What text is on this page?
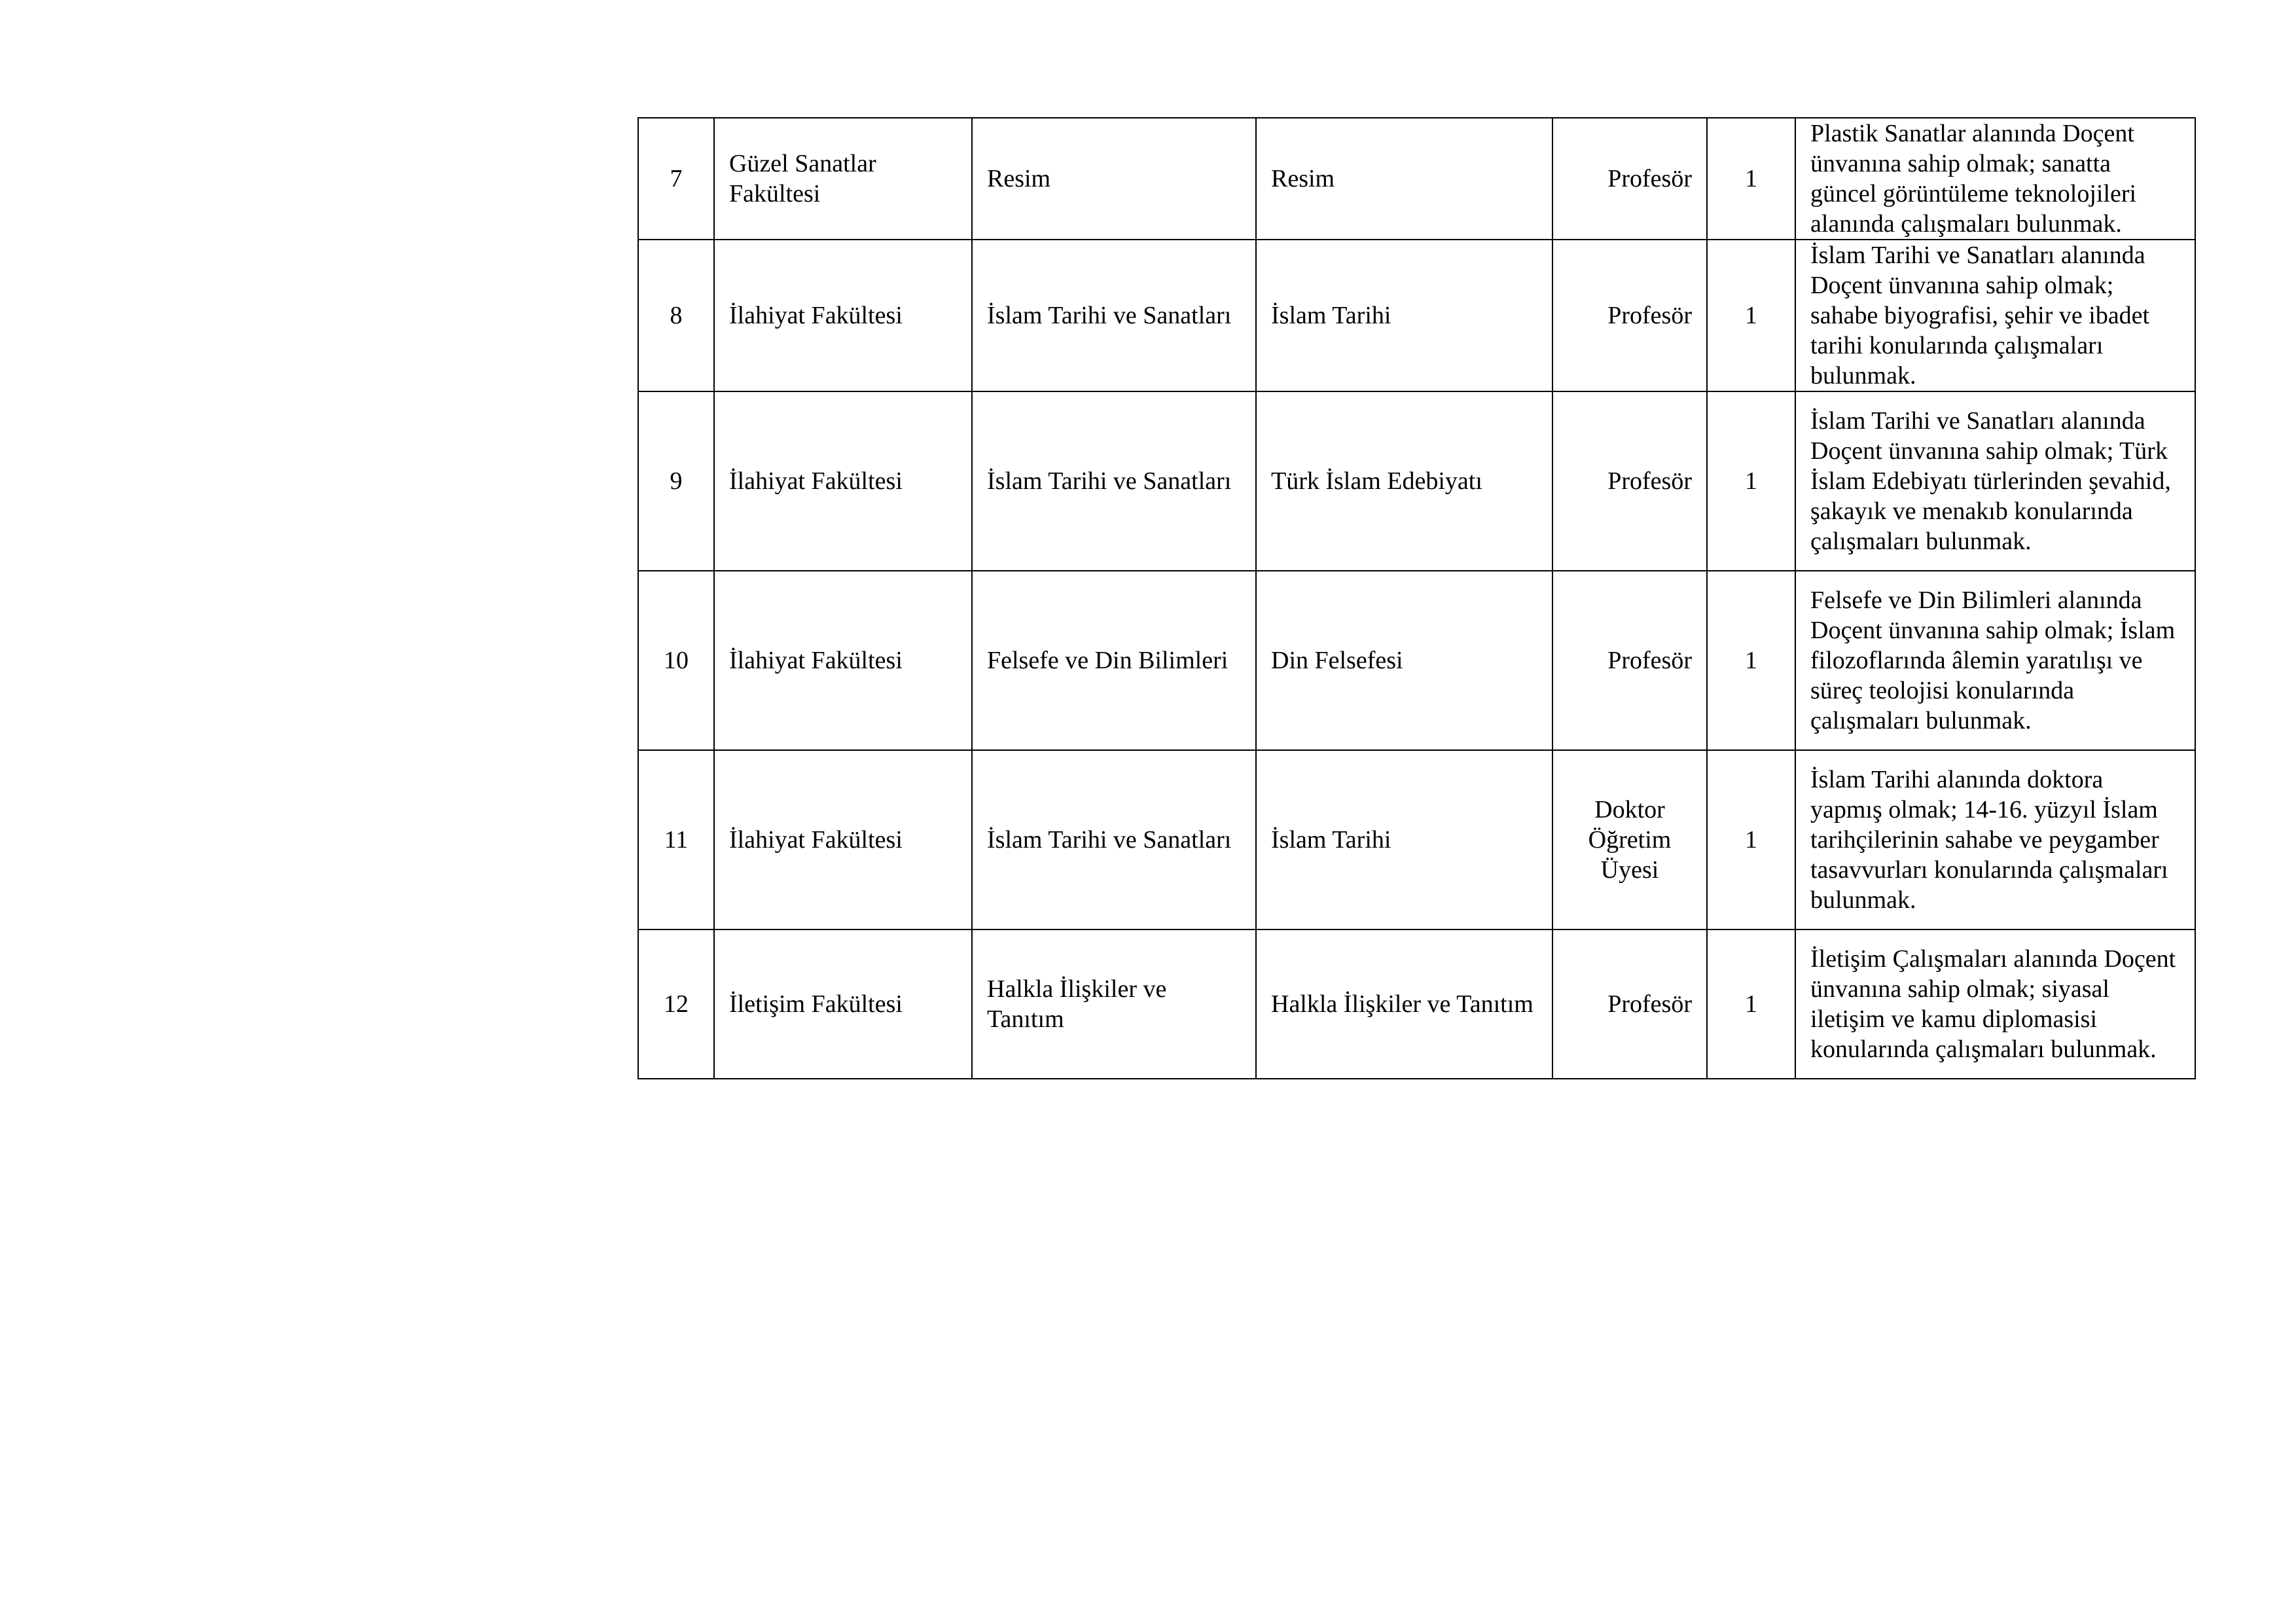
7	Güzel Sanatlar Fakültesi	Resim	Resim	Profesör	1	Plastik Sanatlar alanında Doçent ünvanına sahip olmak; sanatta güncel görüntüleme teknolojileri alanında çalışmaları bulunmak.
8	İlahiyat Fakültesi	İslam Tarihi ve Sanatları	İslam Tarihi	Profesör	1	İslam Tarihi ve Sanatları alanında Doçent ünvanına sahip olmak; sahabe biyografisi, şehir ve ibadet tarihi konularında çalışmaları bulunmak.
9	İlahiyat Fakültesi	İslam Tarihi ve Sanatları	Türk İslam Edebiyatı	Profesör	1	İslam Tarihi ve Sanatları alanında Doçent ünvanına sahip olmak; Türk İslam Edebiyatı türlerinden şevahid, şakayık ve menakıb konularında çalışmaları bulunmak.
10	İlahiyat Fakültesi	Felsefe ve Din Bilimleri	Din Felsefesi	Profesör	1	Felsefe ve Din Bilimleri alanında Doçent ünvanına sahip olmak; İslam filozoflarında âlemin yaratılışı ve süreç teolojisi konularında çalışmaları bulunmak.
11	İlahiyat Fakültesi	İslam Tarihi ve Sanatları	İslam Tarihi	Doktor Öğretim Üyesi	1	İslam Tarihi alanında doktora yapmış olmak; 14-16. yüzyıl İslam tarihçilerinin sahabe ve peygamber tasavvurları konularında çalışmaları bulunmak.
12	İletişim Fakültesi	Halkla İlişkiler ve Tanıtım	Halkla İlişkiler ve Tanıtım	Profesör	1	İletişim Çalışmaları alanında Doçent ünvanına sahip olmak; siyasal iletişim ve kamu diplomasisi konularında çalışmaları bulunmak.
